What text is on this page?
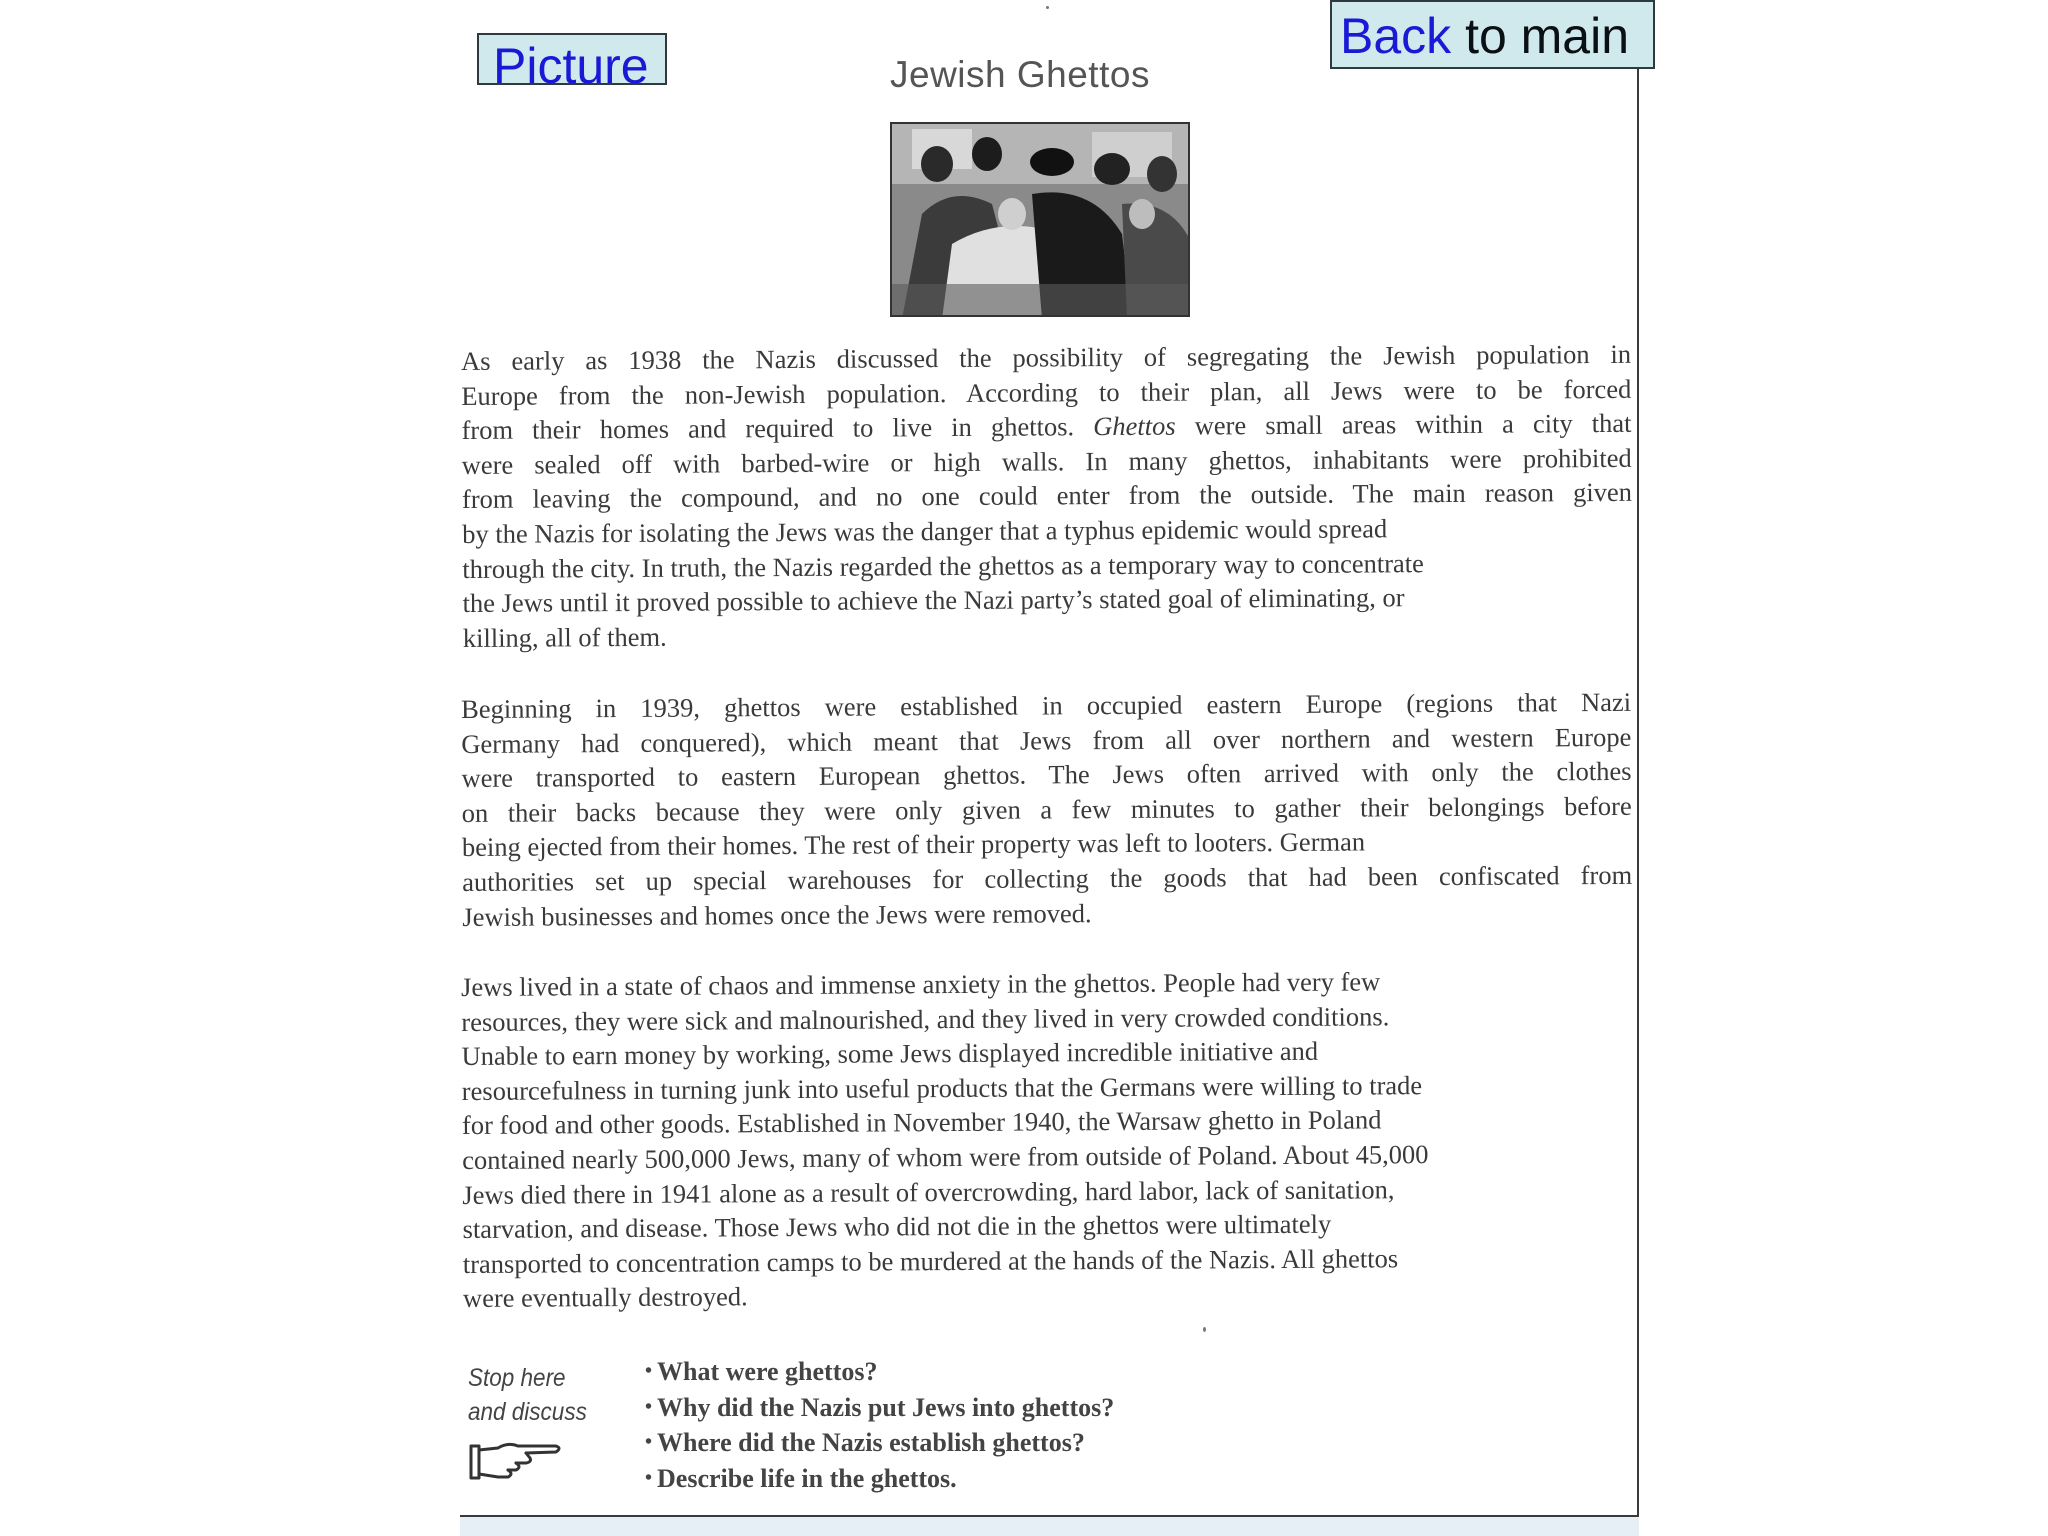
Picture
Back to main
Jewish Ghettos
As early as 1938 the Nazis discussed the possibility of segregating the Jewish population in
Europe from the non-Jewish population. According to their plan, all Jews were to be forced
from their homes and required to live in ghettos. Ghettos were small areas within a city that
were sealed off with barbed-wire or high walls. In many ghettos, inhabitants were prohibited
from leaving the compound, and no one could enter from the outside. The main reason given
by the Nazis for isolating the Jews was the danger that a typhus epidemic would spread
through the city. In truth, the Nazis regarded the ghettos as a temporary way to concentrate
the Jews until it proved possible to achieve the Nazi party’s stated goal of eliminating, or
killing, all of them.
Beginning in 1939, ghettos were established in occupied eastern Europe (regions that Nazi
Germany had conquered), which meant that Jews from all over northern and western Europe
were transported to eastern European ghettos. The Jews often arrived with only the clothes
on their backs because they were only given a few minutes to gather their belongings before
being ejected from their homes. The rest of their property was left to looters. German
authorities set up special warehouses for collecting the goods that had been confiscated from
Jewish businesses and homes once the Jews were removed.
Jews lived in a state of chaos and immense anxiety in the ghettos. People had very few
resources, they were sick and malnourished, and they lived in very crowded conditions.
Unable to earn money by working, some Jews displayed incredible initiative and
resourcefulness in turning junk into useful products that the Germans were willing to trade
for food and other goods. Established in November 1940, the Warsaw ghetto in Poland
contained nearly 500,000 Jews, many of whom were from outside of Poland. About 45,000
Jews died there in 1941 alone as a result of overcrowding, hard labor, lack of sanitation,
starvation, and disease. Those Jews who did not die in the ghettos were ultimately
transported to concentration camps to be murdered at the hands of the Nazis. All ghettos
were eventually destroyed.
Stop here
and discuss
• What were ghettos?
• Why did the Nazis put Jews into ghettos?
• Where did the Nazis establish ghettos?
• Describe life in the ghettos.
